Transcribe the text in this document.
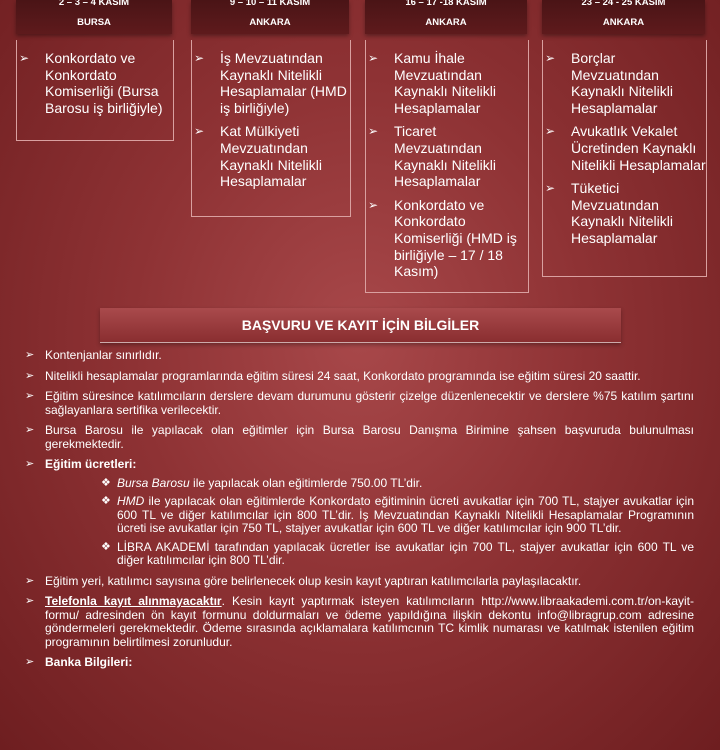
2 – 3 – 4 KASIM
BURSA
➢ Konkordato ve Konkordato Komiserliği (Bursa Barosu iş birliğiyle)
9 – 10 – 11 KASIM
ANKARA
➢ İş Mevzuatından Kaynaklı Nitelikli Hesaplamalar (HMD iş birliğiyle)
➢ Kat Mülkiyeti Mevzuatından Kaynaklı Nitelikli Hesaplamalar
16 – 17 -18 KASIM
ANKARA
➢ Kamu İhale Mevzuatından Kaynaklı Nitelikli Hesaplamalar
➢ Ticaret Mevzuatından Kaynaklı Nitelikli Hesaplamalar
➢ Konkordato ve Konkordato Komiserliği (HMD iş birliğiyle – 17 / 18 Kasım)
23 – 24 - 25 KASIM
ANKARA
➢ Borçlar Mevzuatından Kaynaklı Nitelikli Hesaplamalar
➢ Avukatlık Vekalet Ücretinden Kaynaklı Nitelikli Hesaplamalar
➢ Tüketici Mevzuatından Kaynaklı Nitelikli Hesaplamalar
BAŞVURU VE KAYIT İÇİN BİLGİLER
➢ Kontenjanlar sınırlıdır.
➢ Nitelikli hesaplamalar programlarında eğitim süresi 24 saat, Konkordato programında ise eğitim süresi 20 saattir.
➢ Eğitim süresince katılımcıların derslere devam durumunu gösterir çizelge düzenlenecektir ve derslere %75 katılım şartını sağlayanlara sertifika verilecektir.
➢ Bursa Barosu ile yapılacak olan eğitimler için Bursa Barosu Danışma Birimine şahsen başvuruda bulunulması gerekmektedir.
➢ Eğitim ücretleri:
❖ Bursa Barosu ile yapılacak olan eğitimlerde 750.00 TL’dir.
❖ HMD ile yapılacak olan eğitimlerde Konkordato eğitiminin ücreti avukatlar için 700 TL, stajyer avukatlar için 600 TL ve diğer katılımcılar için 800 TL’dir. İş Mevzuatından Kaynaklı Nitelikli Hesaplamalar Programının ücreti ise avukatlar için 750 TL, stajyer avukatlar için 600 TL ve diğer katılımcılar için 900 TL’dir.
❖ LİBRA AKADEMİ tarafından yapılacak ücretler ise avukatlar için 700 TL, stajyer avukatlar için 600 TL ve diğer katılımcılar için 800 TL’dir.
➢ Eğitim yeri, katılımcı sayısına göre belirlenecek olup kesin kayıt yaptıran katılımcılarla paylaşılacaktır.
➢ Telefonla kayıt alınmayacaktır. Kesin kayıt yaptırmak isteyen katılımcıların http://www.libraakademi.com.tr/on-kayit-formu/ adresinden ön kayıt formunu doldurmaları ve ödeme yapıldığına ilişkin dekontu info@libragrup.com adresine göndermeleri gerekmektedir. Ödeme sırasında açıklamalara katılımcının TC kimlik numarası ve katılmak istenilen eğitim programının belirtilmesi zorunludur.
➢ Banka Bilgileri:
